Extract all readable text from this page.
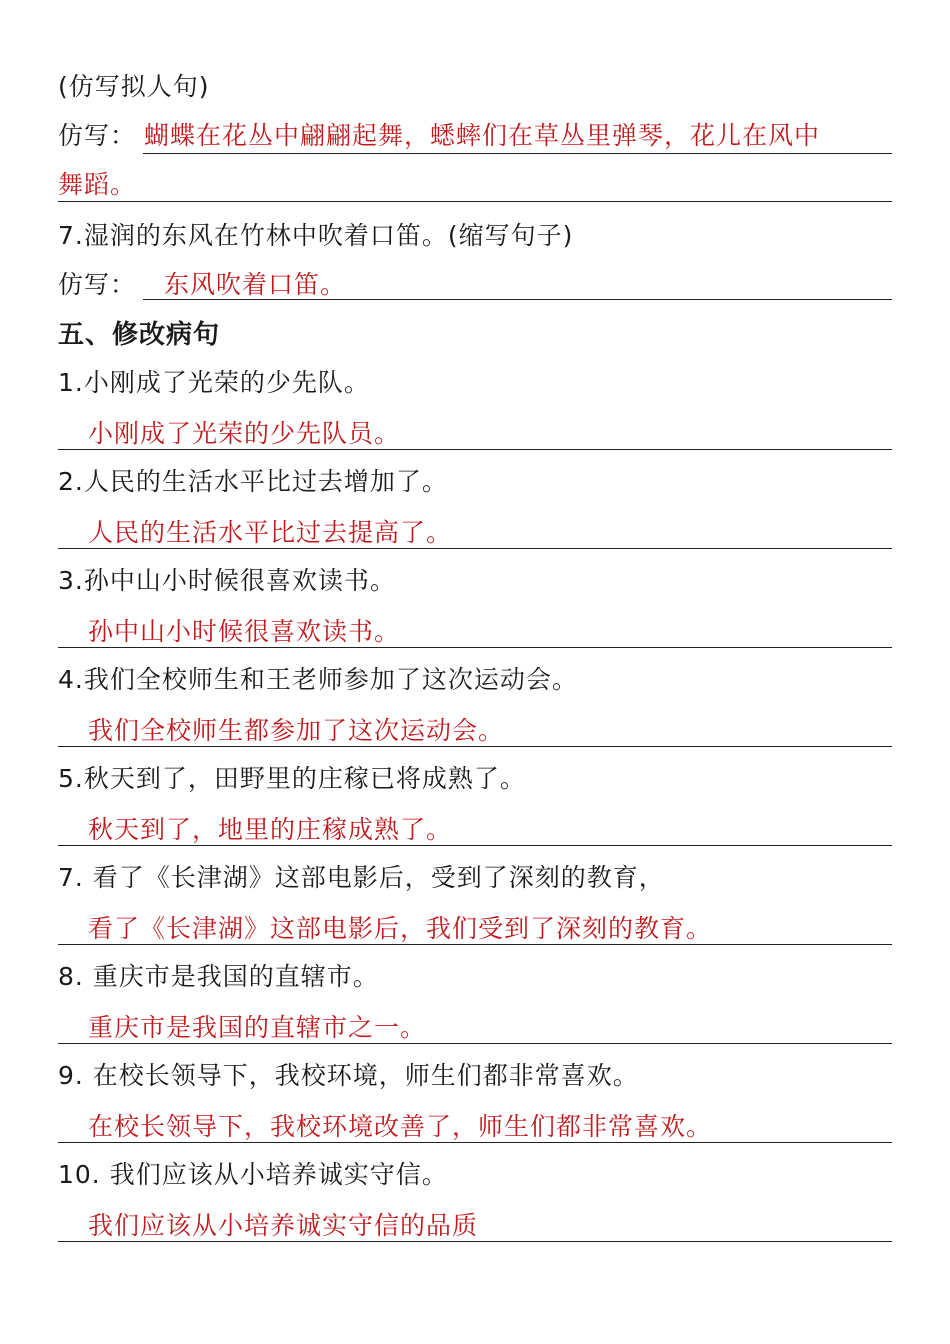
(仿写拟人句)
仿写： 蝴蝶在花丛中翩翩起舞，蟋蟀们在草丛里弹琴，花儿在风中
舞蹈。
7.湿润的东风在竹林中吹着口笛。(缩写句子)
仿写： 东风吹着口笛。
五、修改病句
1.小刚成了光荣的少先队。
小刚成了光荣的少先队员。
2.人民的生活水平比过去增加了。
人民的生活水平比过去提高了。
3.孙中山小时候很喜欢读书。
孙中山小时候很喜欢读书。
4.我们全校师生和王老师参加了这次运动会。
我们全校师生都参加了这次运动会。
5.秋天到了，田野里的庄稼已将成熟了。
秋天到了，地里的庄稼成熟了。
7. 看了《长津湖》这部电影后，受到了深刻的教育，
看了《长津湖》这部电影后，我们受到了深刻的教育。
8. 重庆市是我国的直辖市。
重庆市是我国的直辖市之一。
9. 在校长领导下，我校环境，师生们都非常喜欢。
在校长领导下，我校环境改善了，师生们都非常喜欢。
10. 我们应该从小培养诚实守信。
我们应该从小培养诚实守信的品质
